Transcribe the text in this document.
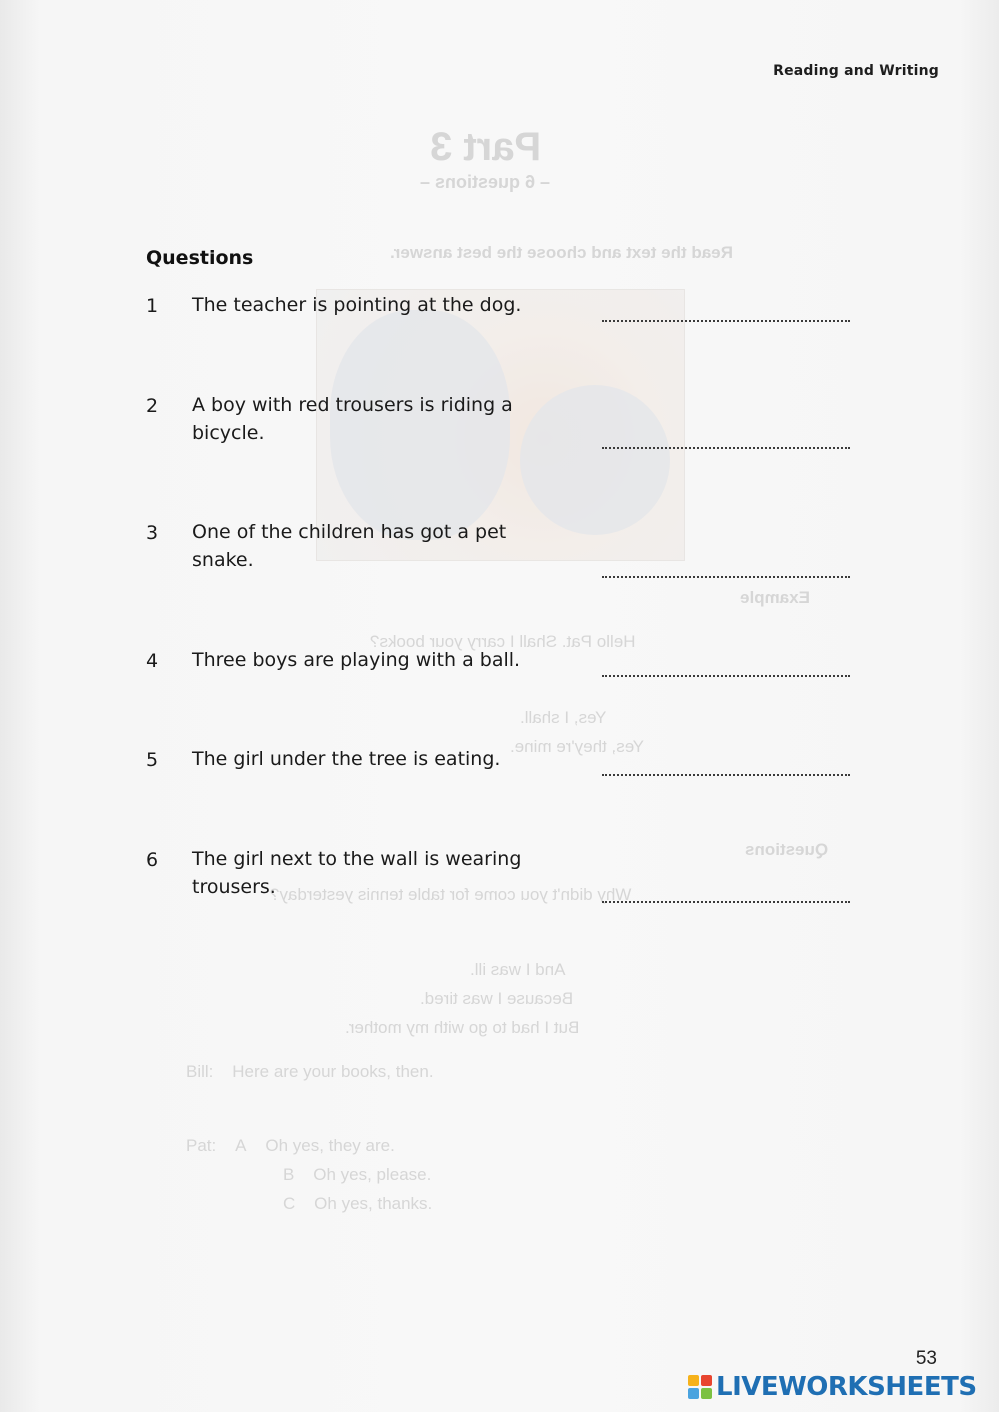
Part 3
– 6 questions –
Read the text and choose the best answer.
Example
Hello Pat. Shall I carry your books?
Yes, I shall.
Yes, they're mine.
Questions
Why didn't you come for table tennis yesterday?
And I was ill.
Because I was tired.
But I had to go with my mother.
Bill:    Here are your books, then.
Pat:    A    Oh yes, they are.
B    Oh yes, please.
C    Oh yes, thanks.
Reading and Writing
Questions
1 The teacher is pointing at the dog.
2 A boy with red trousers is riding a bicycle.
3 One of the children has got a pet snake.
4 Three boys are playing with a ball.
5 The girl under the tree is eating.
6 The girl next to the wall is wearing trousers.
53
LIVEWORKSHEETS
